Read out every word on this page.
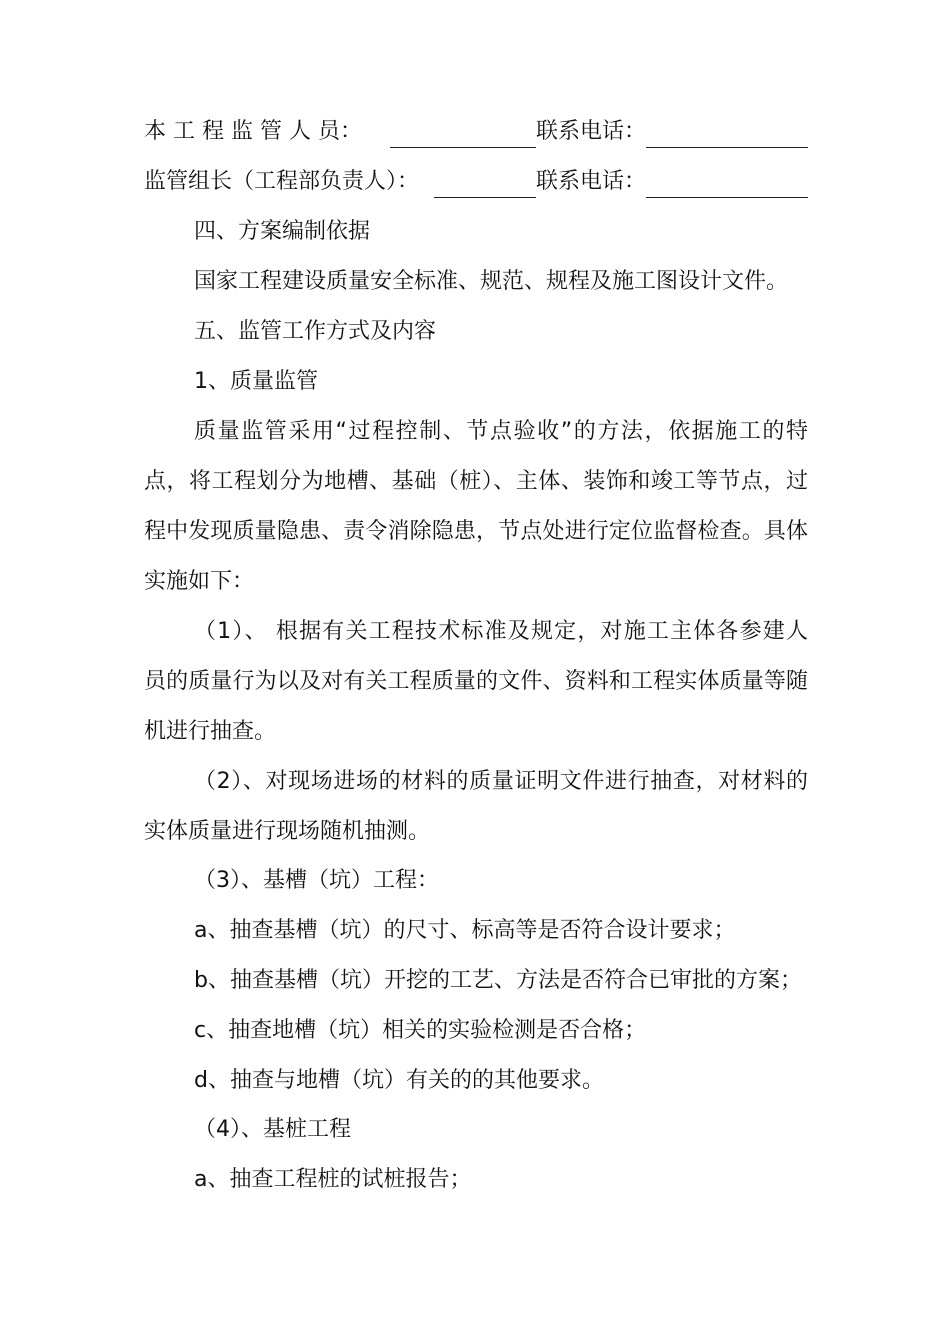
本 工 程 监 管 人 员：	联系电话：
监管组长（工程部负责人）：	联系电话：
四、方案编制依据
国家工程建设质量安全标准、规范、规程及施工图设计文件。
五、监管工作方式及内容
1、质量监管
质量监管采用“过程控制、节点验收”的方法，依据施工的特
点，将工程划分为地槽、基础（桩）、主体、装饰和竣工等节点，过
程中发现质量隐患、责令消除隐患，节点处进行定位监督检查。具体
实施如下：
（1）、 根据有关工程技术标准及规定，对施工主体各参建人
员的质量行为以及对有关工程质量的文件、资料和工程实体质量等随
机进行抽查。
（2）、对现场进场的材料的质量证明文件进行抽查，对材料的
实体质量进行现场随机抽测。
（3）、基槽（坑）工程：
a、抽查基槽（坑）的尺寸、标高等是否符合设计要求；
b、抽查基槽（坑）开挖的工艺、方法是否符合已审批的方案；
c、抽查地槽（坑）相关的实验检测是否合格；
d、抽查与地槽（坑）有关的的其他要求。
（4）、基桩工程
a、抽查工程桩的试桩报告；
